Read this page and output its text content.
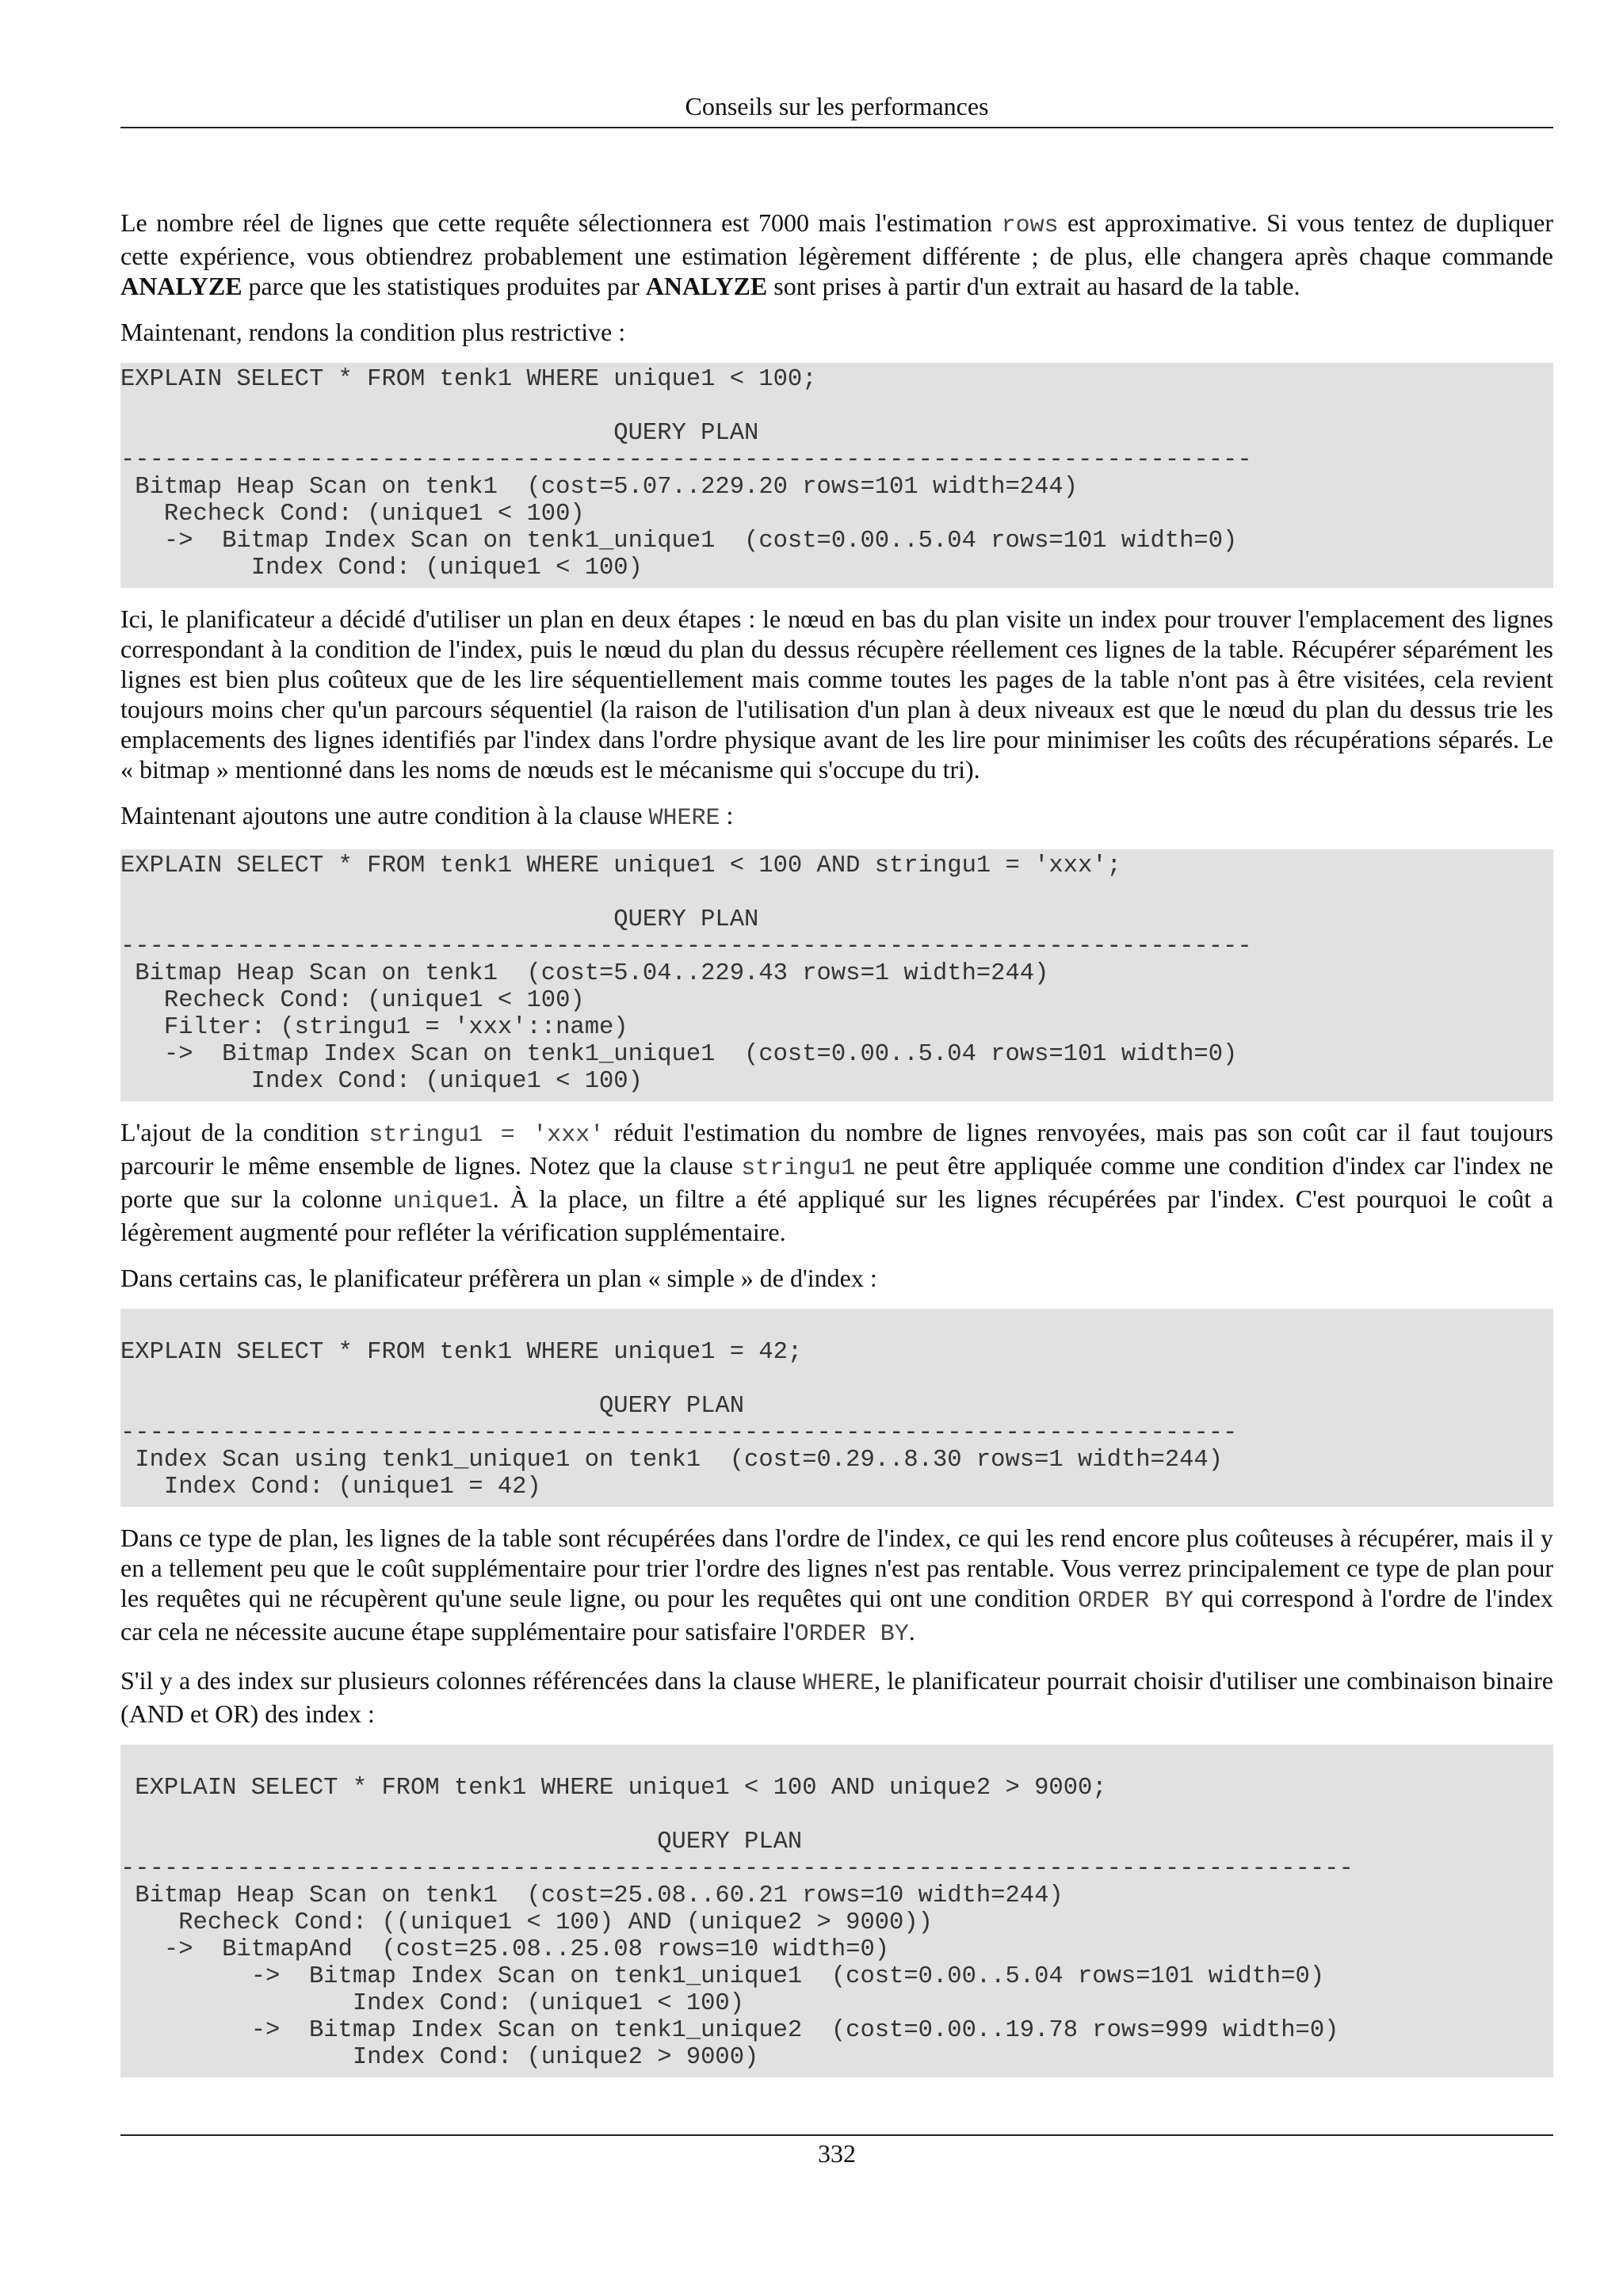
Conseils sur les performances

Le nombre réel de lignes que cette requête sélectionnera est 7000 mais l'estimation rows est approximative. Si vous tentez de dupliquer cette expérience, vous obtiendrez probablement une estimation légèrement différente ; de plus, elle changera après chaque commande ANALYZE parce que les statistiques produites par ANALYZE sont prises à partir d'un extrait au hasard de la table.

Maintenant, rendons la condition plus restrictive :

EXPLAIN SELECT * FROM tenk1 WHERE unique1 < 100;

QUERY PLAN
------------------------------------------------------------------------------
Bitmap Heap Scan on tenk1  (cost=5.07..229.20 rows=101 width=244)
Recheck Cond: (unique1 < 100)
->  Bitmap Index Scan on tenk1_unique1  (cost=0.00..5.04 rows=101 width=0)
Index Cond: (unique1 < 100)

Ici, le planificateur a décidé d'utiliser un plan en deux étapes : le nœud en bas du plan visite un index pour trouver l'emplacement des lignes correspondant à la condition de l'index, puis le nœud du plan du dessus récupère réellement ces lignes de la table. Récupérer séparément les lignes est bien plus coûteux que de les lire séquentiellement mais comme toutes les pages de la table n'ont pas à être visitées, cela revient toujours moins cher qu'un parcours séquentiel (la raison de l'utilisation d'un plan à deux niveaux est que le nœud du plan du dessus trie les emplacements des lignes identifiés par l'index dans l'ordre physique avant de les lire pour minimiser les coûts des récupérations séparés. Le « bitmap » mentionné dans les noms de nœuds est le mécanisme qui s'occupe du tri).

Maintenant ajoutons une autre condition à la clause WHERE :

EXPLAIN SELECT * FROM tenk1 WHERE unique1 < 100 AND stringu1 = 'xxx';

QUERY PLAN
------------------------------------------------------------------------------
Bitmap Heap Scan on tenk1  (cost=5.04..229.43 rows=1 width=244)
Recheck Cond: (unique1 < 100)
Filter: (stringu1 = 'xxx'::name)
->  Bitmap Index Scan on tenk1_unique1  (cost=0.00..5.04 rows=101 width=0)
Index Cond: (unique1 < 100)

L'ajout de la condition stringu1 = 'xxx' réduit l'estimation du nombre de lignes renvoyées, mais pas son coût car il faut toujours parcourir le même ensemble de lignes. Notez que la clause stringu1 ne peut être appliquée comme une condition d'index car l'index ne porte que sur la colonne unique1. À la place, un filtre a été appliqué sur les lignes récupérées par l'index. C'est pourquoi le coût a légèrement augmenté pour refléter la vérification supplémentaire.

Dans certains cas, le planificateur préfèrera un plan « simple » de d'index :

EXPLAIN SELECT * FROM tenk1 WHERE unique1 = 42;

QUERY PLAN
-----------------------------------------------------------------------------
Index Scan using tenk1_unique1 on tenk1  (cost=0.29..8.30 rows=1 width=244)
Index Cond: (unique1 = 42)

Dans ce type de plan, les lignes de la table sont récupérées dans l'ordre de l'index, ce qui les rend encore plus coûteuses à récupérer, mais il y en a tellement peu que le coût supplémentaire pour trier l'ordre des lignes n'est pas rentable. Vous verrez principalement ce type de plan pour les requêtes qui ne récupèrent qu'une seule ligne, ou pour les requêtes qui ont une condition ORDER BY qui correspond à l'ordre de l'index car cela ne nécessite aucune étape supplémentaire pour satisfaire l'ORDER BY.

S'il y a des index sur plusieurs colonnes référencées dans la clause WHERE, le planificateur pourrait choisir d'utiliser une combinaison binaire (AND et OR) des index :

EXPLAIN SELECT * FROM tenk1 WHERE unique1 < 100 AND unique2 > 9000;

QUERY PLAN
-------------------------------------------------------------------------------------
Bitmap Heap Scan on tenk1  (cost=25.08..60.21 rows=10 width=244)
Recheck Cond: ((unique1 < 100) AND (unique2 > 9000))
->  BitmapAnd  (cost=25.08..25.08 rows=10 width=0)
->  Bitmap Index Scan on tenk1_unique1  (cost=0.00..5.04 rows=101 width=0)
Index Cond: (unique1 < 100)
->  Bitmap Index Scan on tenk1_unique2  (cost=0.00..19.78 rows=999 width=0)
Index Cond: (unique2 > 9000)
332
